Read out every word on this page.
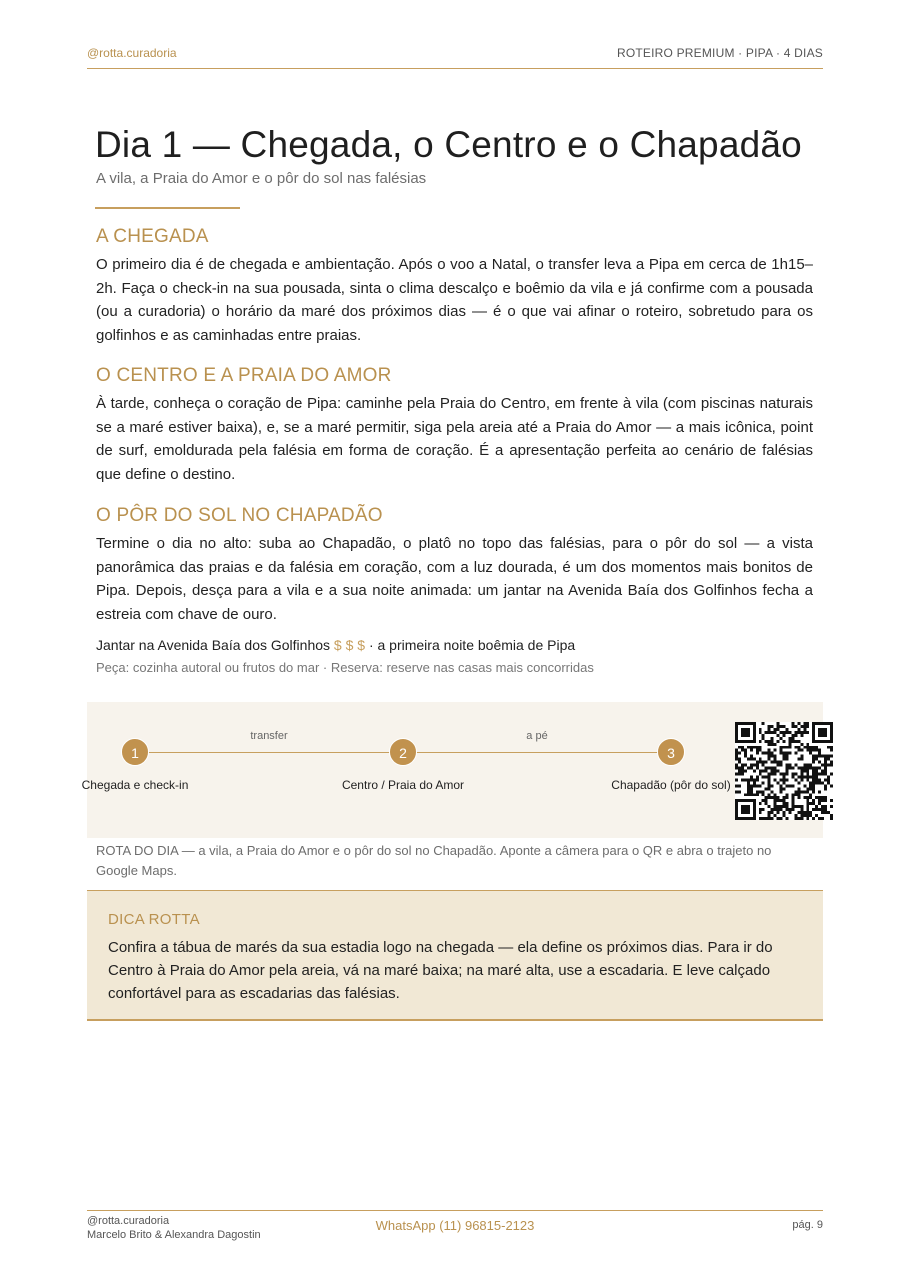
@rotta.curadoria	ROTEIRO PREMIUM · PIPA · 4 DIAS
Dia 1 — Chegada, o Centro e o Chapadão
A vila, a Praia do Amor e o pôr do sol nas falésias
A CHEGADA

O primeiro dia é de chegada e ambientação. Após o voo a Natal, o transfer leva a Pipa em cerca de 1h15–2h. Faça o check-in na sua pousada, sinta o clima descalço e boêmio da vila e já confirme com a pousada (ou a curadoria) o horário da maré dos próximos dias — é o que vai afinar o roteiro, sobretudo para os golfinhos e as caminhadas entre praias.

O CENTRO E A PRAIA DO AMOR

À tarde, conheça o coração de Pipa: caminhe pela Praia do Centro, em frente à vila (com piscinas naturais se a maré estiver baixa), e, se a maré permitir, siga pela areia até a Praia do Amor — a mais icônica, point de surf, emoldurada pela falésia em forma de coração. É a apresentação perfeita ao cenário de falésias que define o destino.

O PÔR DO SOL NO CHAPADÃO

Termine o dia no alto: suba ao Chapadão, o platô no topo das falésias, para o pôr do sol — a vista panorâmica das praias e da falésia em coração, com a luz dourada, é um dos momentos mais bonitos de Pipa. Depois, desça para a vila e a sua noite animada: um jantar na Avenida Baía dos Golfinhos fecha a estreia com chave de ouro.

Jantar na Avenida Baía dos Golfinhos $ $ $ · a primeira noite boêmia de Pipa
Peça: cozinha autoral ou frutos do mar · Reserva: reserve nas casas mais concorridas
transfer	a pé
1	2	3
Chegada e check-in	Centro / Praia do Amor	Chapadão (pôr do sol)
ROTA DO DIA — a vila, a Praia do Amor e o pôr do sol no Chapadão. Aponte a câmera para o QR e abra o trajeto no Google Maps.
DICA ROTTA
Confira a tábua de marés da sua estadia logo na chegada — ela define os próximos dias. Para ir do Centro à Praia do Amor pela areia, vá na maré baixa; na maré alta, use a escadaria. E leve calçado confortável para as escadarias das falésias.
@rotta.curadoria
Marcelo Brito & Alexandra Dagostin
WhatsApp (11) 96815-2123	pág. 9
